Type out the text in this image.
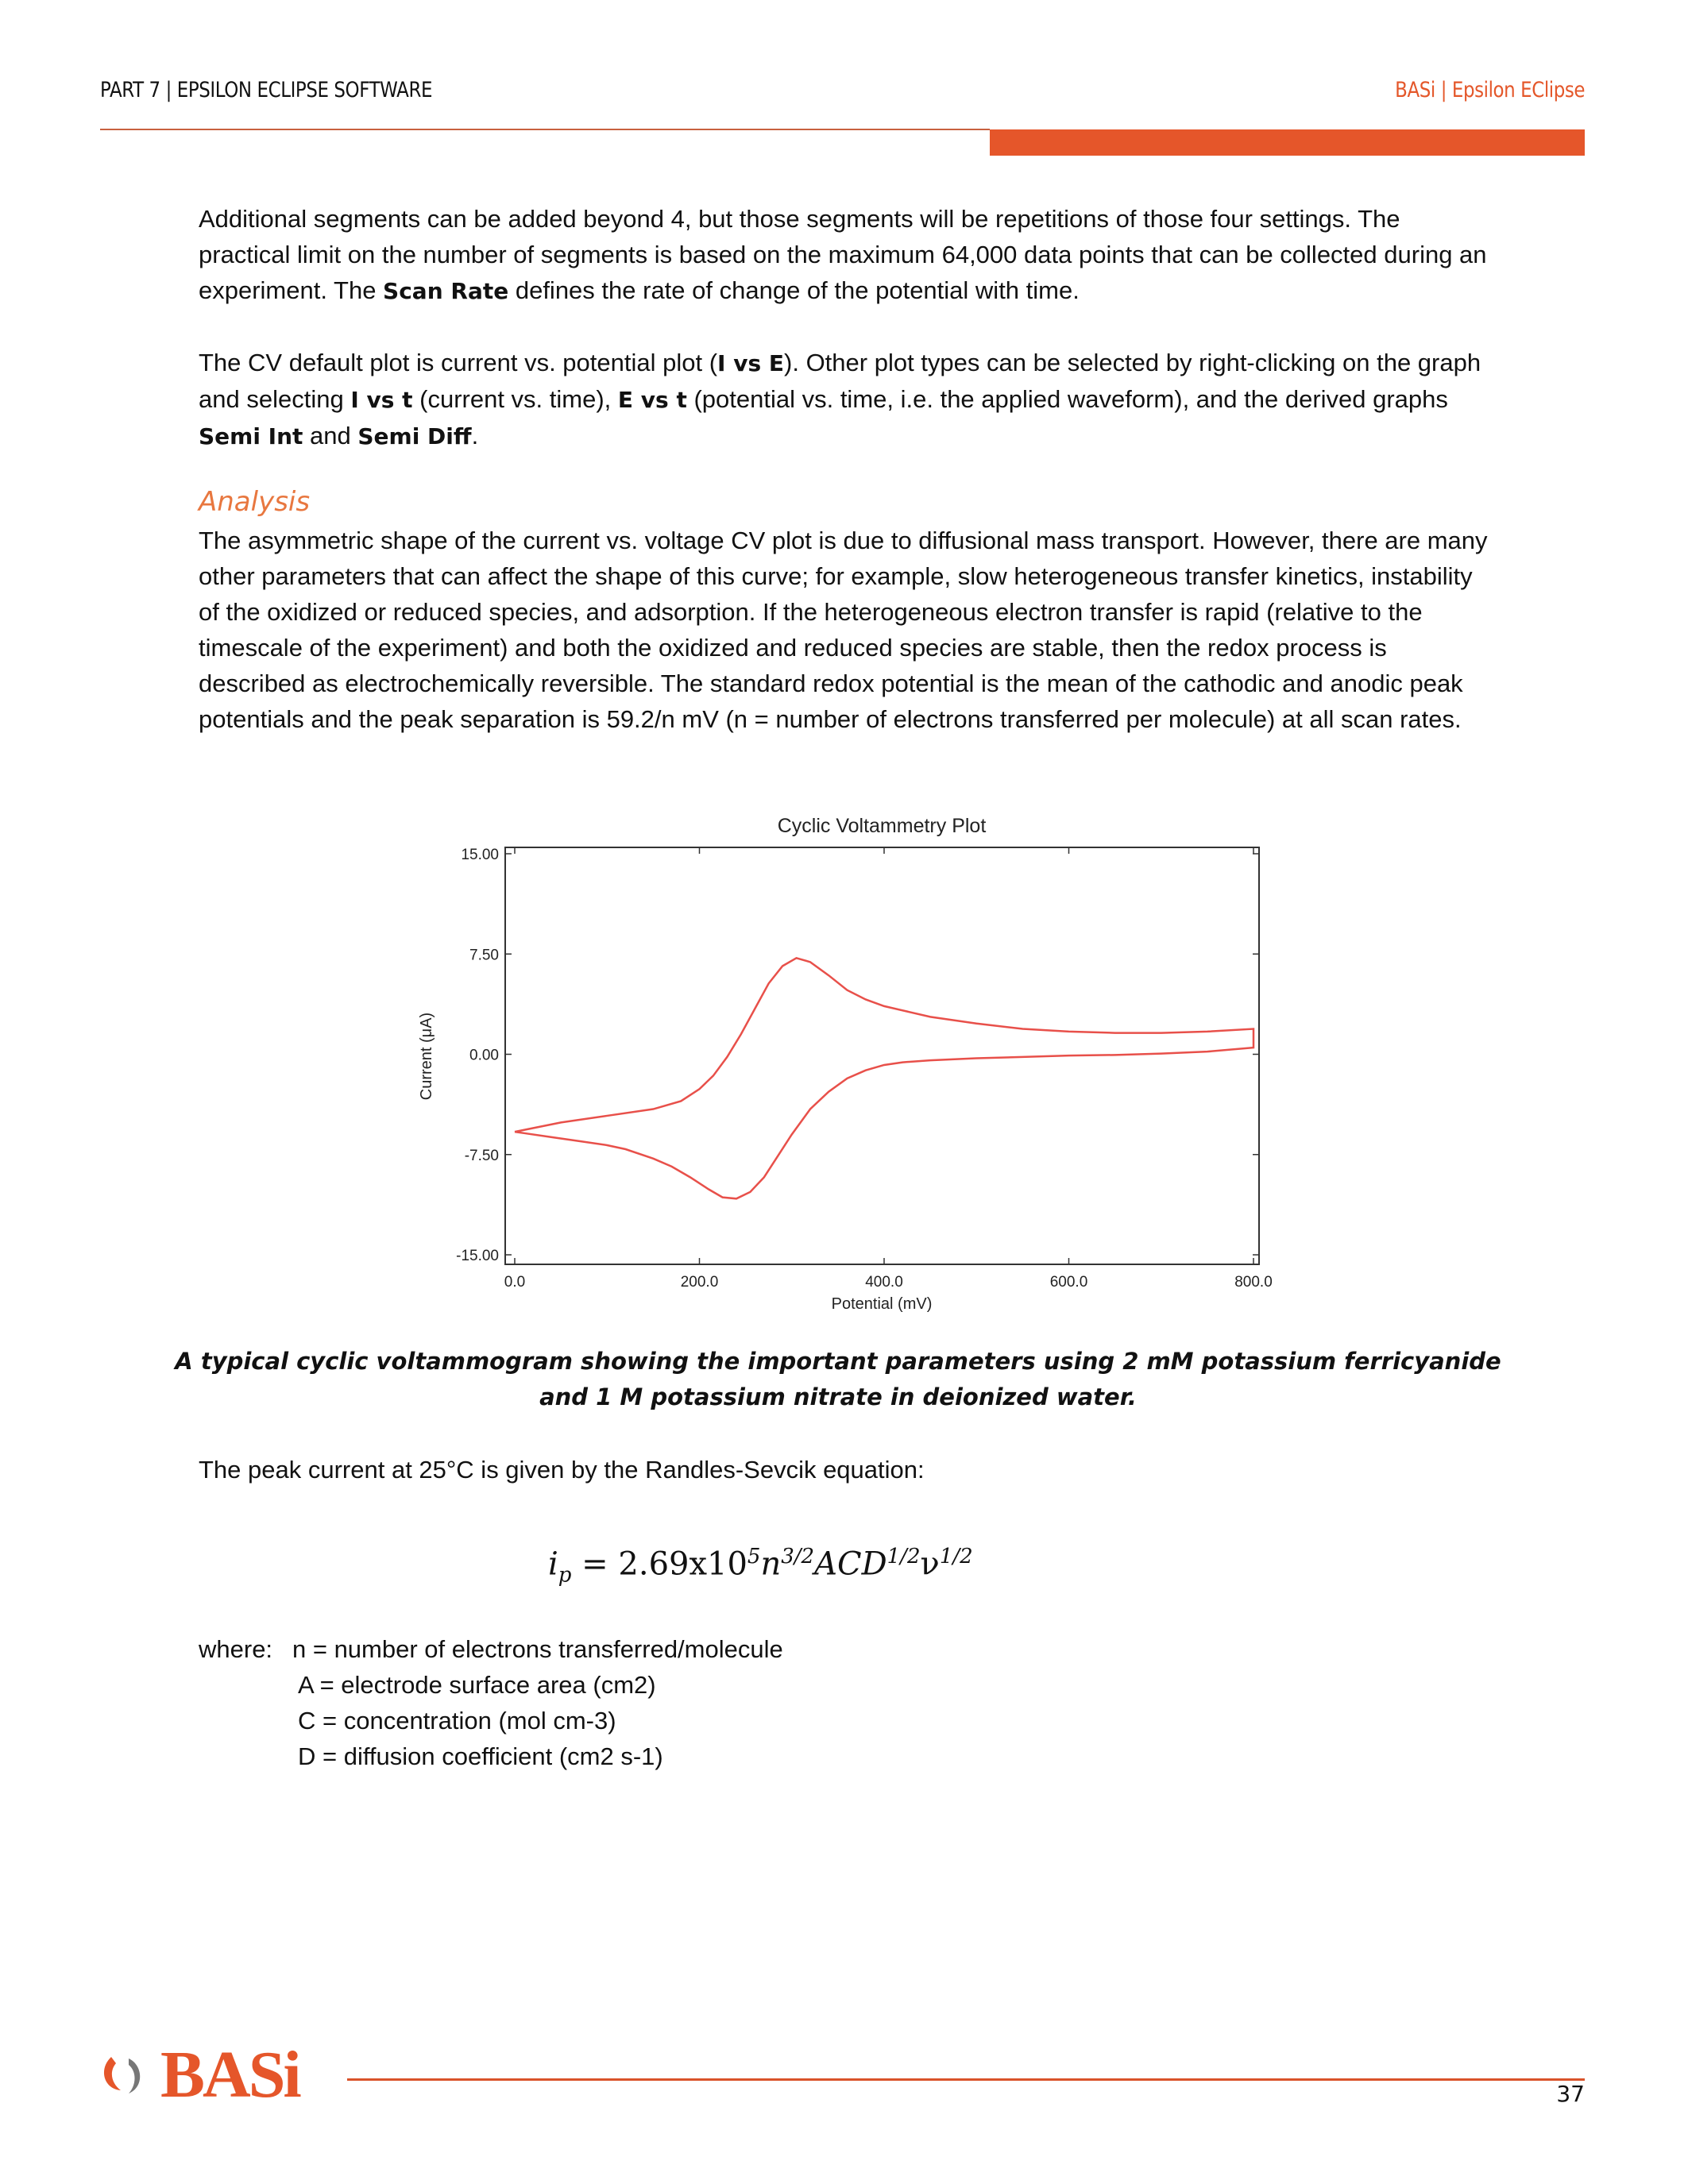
PART 7 | EPSILON ECLIPSE SOFTWARE	BASi | Epsilon EClipse
Additional segments can be added beyond 4, but those segments will be repetitions of those four settings. The practical limit on the number of segments is based on the maximum 64,000 data points that can be collected during an experiment. The Scan Rate defines the rate of change of the potential with time.
The CV default plot is current vs. potential plot (I vs E). Other plot types can be selected by right-clicking on the graph and selecting I vs t (current vs. time), E vs t (potential vs. time, i.e. the applied waveform), and the derived graphs Semi Int and Semi Diff.
Analysis
The asymmetric shape of the current vs. voltage CV plot is due to diffusional mass transport. However, there are many other parameters that can affect the shape of this curve; for example, slow heterogeneous transfer kinetics, instability of the oxidized or reduced species, and adsorption. If the heterogeneous electron transfer is rapid (relative to the timescale of the experiment) and both the oxidized and reduced species are stable, then the redox process is described as electrochemically reversible. The standard redox potential is the mean of the cathodic and anodic peak potentials and the peak separation is 59.2/n mV (n = number of electrons transferred per molecule) at all scan rates.
Cyclic Voltammetry Plot
0.0	200.0	400.0	600.0	800.0
15.00
7.50
0.00
-7.50
-15.00
Potential (mV)
Current (μA)
A typical cyclic voltammogram showing the important parameters using 2 mM potassium ferricyanide and 1 M potassium nitrate in deionized water.
The peak current at 25°C is given by the Randles-Sevcik equation:
$i_p = 2.69x10^5n^{3/2}ACD^{1/2}\nu^{1/2}$
where: n = number of electrons transferred/molecule
A = electrode surface area (cm2)
C = concentration (mol cm-3)
D = diffusion coefficient (cm2 s-1)
BASi	37
